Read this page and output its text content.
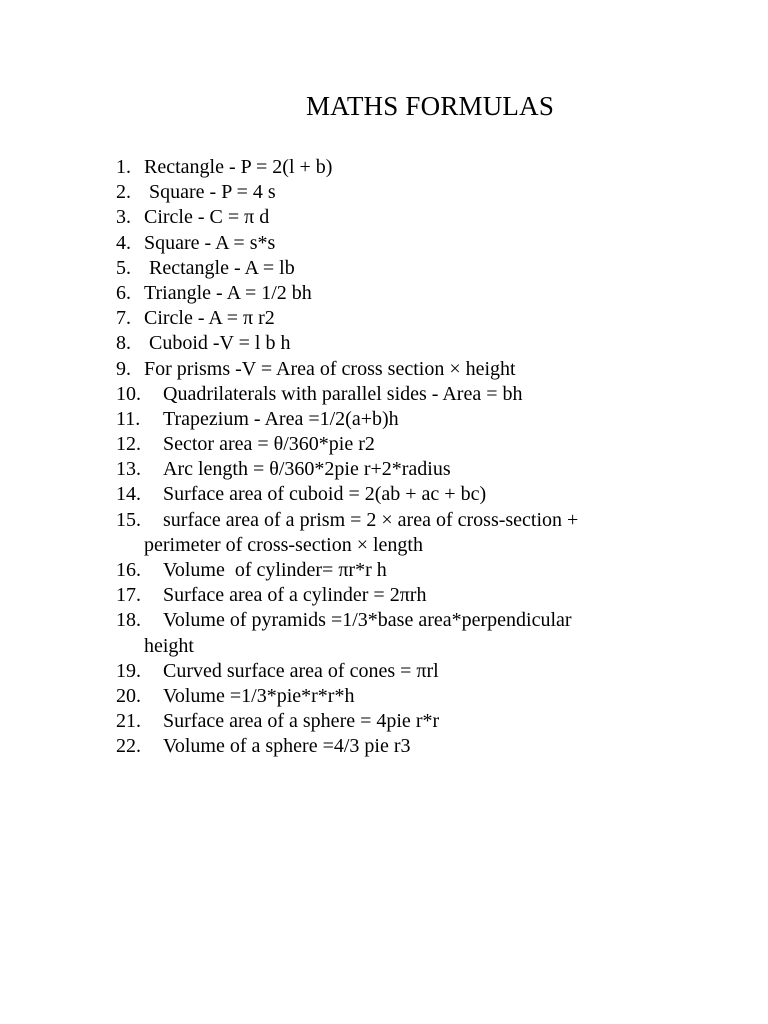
MATHS FORMULAS
1. Rectangle - P = 2(l + b)
2. Square - P = 4 s
3. Circle - C = π d
4. Square - A = s*s
5. Rectangle - A = lb
6. Triangle - A = 1/2 bh
7. Circle - A = π r2
8. Cuboid -V = l b h
9. For prisms -V = Area of cross section × height
10. Quadrilaterals with parallel sides - Area = bh
11. Trapezium - Area =1/2(a+b)h
12. Sector area = θ/360*pie r2
13. Arc length = θ/360*2pie r+2*radius
14. Surface area of cuboid = 2(ab + ac + bc)
15. surface area of a prism = 2 × area of cross-section +
perimeter of cross-section × length
16. Volume  of cylinder= πr*r h
17. Surface area of a cylinder = 2πrh
18. Volume of pyramids =1/3*base area*perpendicular
height
19. Curved surface area of cones = πrl
20. Volume =1/3*pie*r*r*h
21. Surface area of a sphere = 4pie r*r
22. Volume of a sphere =4/3 pie r3
